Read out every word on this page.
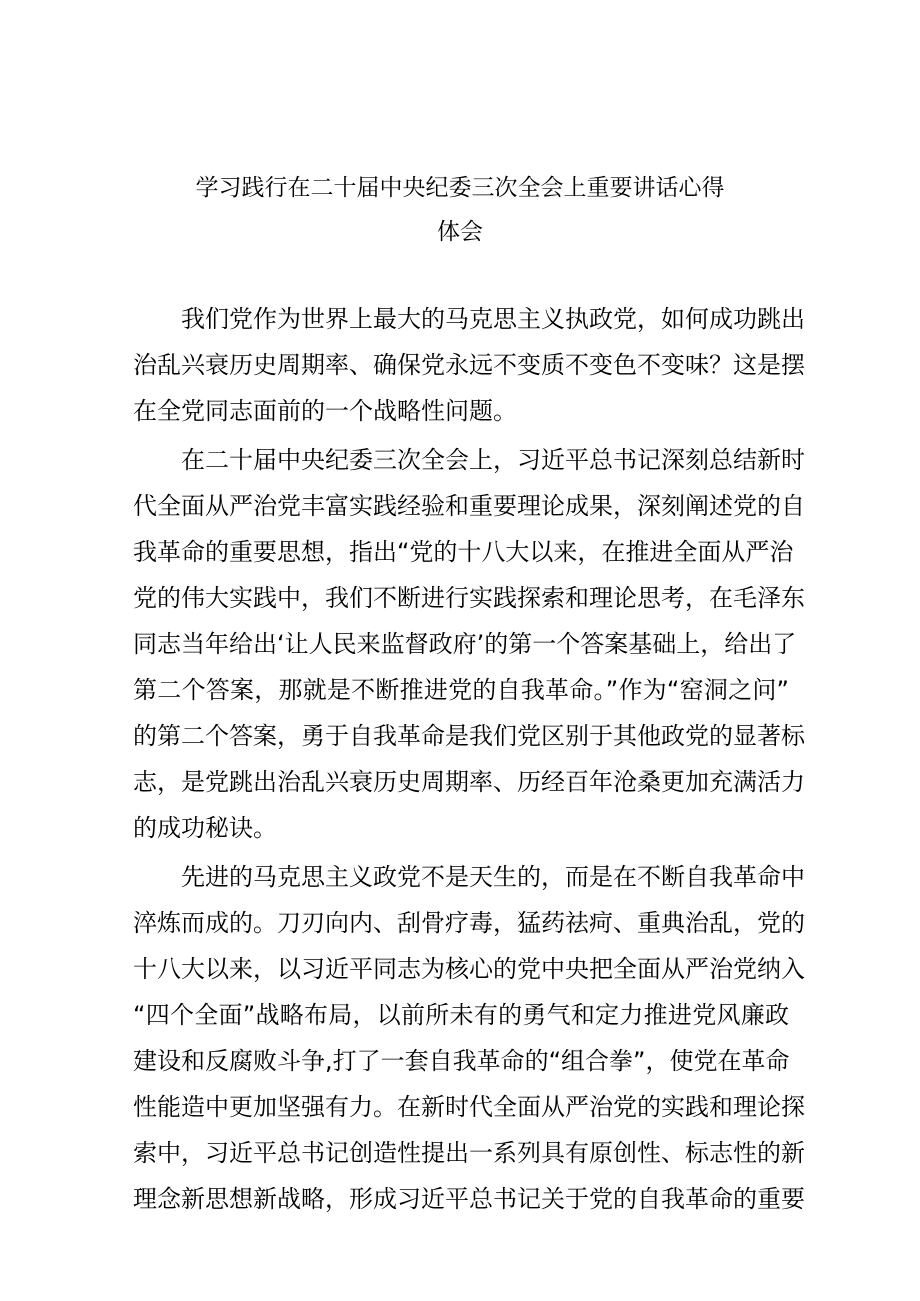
学习践行在二十届中央纪委三次全会上重要讲话心得
体会
我们党作为世界上最大的马克思主义执政党，如何成功跳出
治乱兴衰历史周期率、确保党永远不变质不变色不变味？这是摆
在全党同志面前的一个战略性问题。
在二十届中央纪委三次全会上，习近平总书记深刻总结新时
代全面从严治党丰富实践经验和重要理论成果，深刻阐述党的自
我革命的重要思想，指出“党的十八大以来，在推进全面从严治
党的伟大实践中，我们不断进行实践探索和理论思考，在毛泽东
同志当年给出‘让人民来监督政府’的第一个答案基础上，给出了
第二个答案，那就是不断推进党的自我革命。”作为“窑洞之问”
的第二个答案，勇于自我革命是我们党区别于其他政党的显著标
志，是党跳出治乱兴衰历史周期率、历经百年沧桑更加充满活力
的成功秘诀。
先进的马克思主义政党不是天生的，而是在不断自我革命中
淬炼而成的。刀刃向内、刮骨疗毒，猛药祛疴、重典治乱，党的
十八大以来，以习近平同志为核心的党中央把全面从严治党纳入
“四个全面”战略布局，以前所未有的勇气和定力推进党风廉政
建设和反腐败斗争,打了一套自我革命的“组合拳”，使党在革命
性能造中更加坚强有力。在新时代全面从严治党的实践和理论探
索中，习近平总书记创造性提出一系列具有原创性、标志性的新
理念新思想新战略，形成习近平总书记关于党的自我革命的重要
